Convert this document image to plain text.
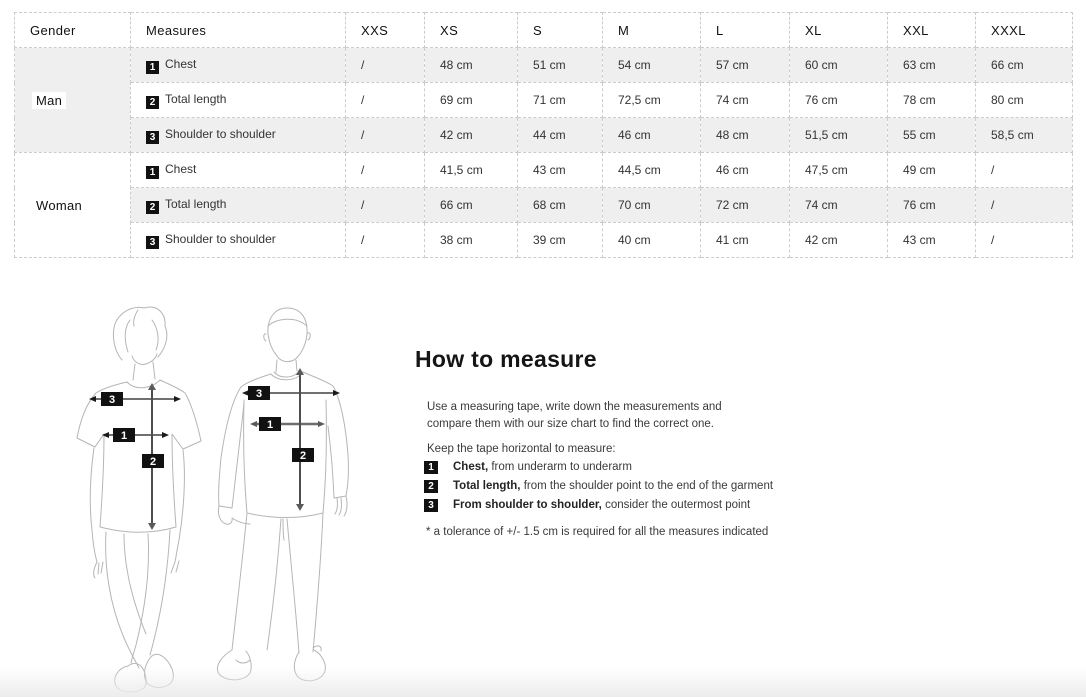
Gender	Measures	XXS	XS	S	M	L	XL	XXL	XXXL
Man	1 Chest	/	48 cm	51 cm	54 cm	57 cm	60 cm	63 cm	66 cm
	2 Total length	/	69 cm	71 cm	72,5 cm	74 cm	76 cm	78 cm	80 cm
	3 Shoulder to shoulder	/	42 cm	44 cm	46 cm	48 cm	51,5 cm	55 cm	58,5 cm
Woman	1 Chest	/	41,5 cm	43 cm	44,5 cm	46 cm	47,5 cm	49 cm	/
	2 Total length	/	66 cm	68 cm	70 cm	72 cm	74 cm	76 cm	/
	3 Shoulder to shoulder	/	38 cm	39 cm	40 cm	41 cm	42 cm	43 cm	/
3
1
2
3
1
2
How to measure

Use a measuring tape, write down the measurements and compare them with our size chart to find the correct one.

Keep the tape horizontal to measure:

1	Chest, from underarm to underarm
2	Total length, from the shoulder point to the end of the garment
3	From shoulder to shoulder, consider the outermost point

* a tolerance of +/- 1.5 cm is required for all the measures indicated
